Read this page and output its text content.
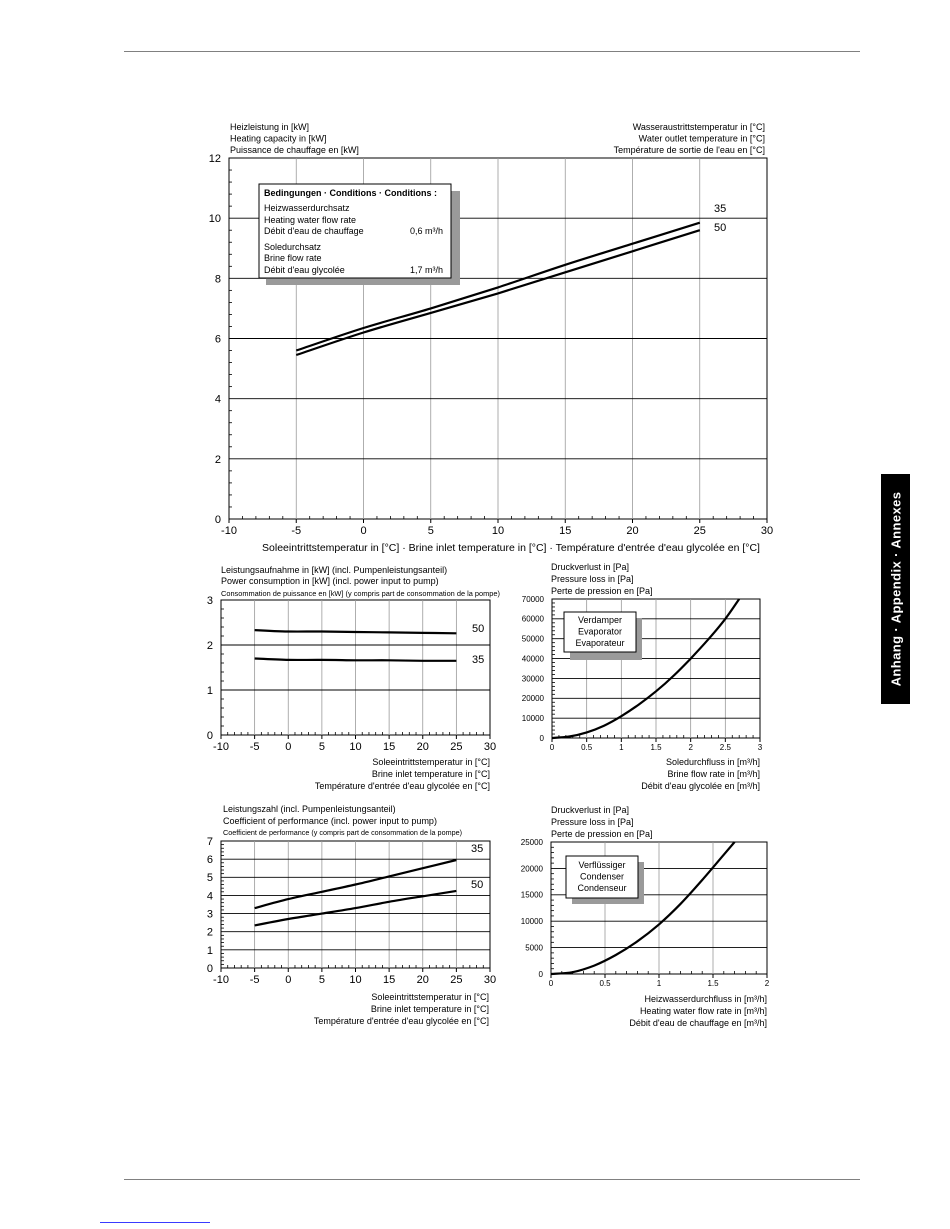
Anhang · Appendix · Annexes
-10	-5	0	5	10	15	20	25	30
0
2
4
6
8
10
12
Heizleistung in [kW]
Heating capacity in [kW]
Puissance de chauffage en [kW]
Wasseraustrittstemperatur in [°C]
Water outlet temperature in [°C]
Température de sortie de l'eau en [°C]
Soleeintrittstemperatur in [°C] · Brine inlet temperature in [°C] · Température d'entrée d'eau glycolée en [°C]
35
50
Bedingungen · Conditions · Conditions :
Heizwasserdurchsatz
Heating water flow rate
Débit d'eau de chauffage
Soledurchsatz
Brine flow rate
Débit d'eau glycolée
0,6 m³/h
1,7 m³/h
-10 -5 0	5 10 15 20 25 30
0
1
2
3
Leistungsaufnahme in [kW] (incl. Pumpenleistungsanteil)
Power consumption in [kW] (incl. power input to pump)
Consommation de puissance en [kW] (y compris part de consommation de la pompe)
Soleeintrittstemperatur in [°C]
Brine inlet temperature in [°C]
Température d'entrée d'eau glycolée en [°C]
50
35
0	0.5	1	1.5	2	2.5	3
0
10000
20000
30000
40000
50000
60000
70000
Druckverlust in [Pa]
Pressure loss in [Pa]
Perte de pression en [Pa]
Soledurchfluss in [m³/h]
Brine flow rate in [m³/h]
Débit d'eau glycolée en [m³/h]
Verdamper
Evaporator
Evaporateur
-10 -5 0	5 10 15 20 25 30
0
1
2
3
4
5
6
7
Leistungszahl (incl. Pumpenleistungsanteil)
Coefficient of performance (incl. power input to pump)
Coefficient de performance (y compris part de consommation de la pompe)
Soleeintrittstemperatur in [°C]
Brine inlet temperature in [°C]
Température d'entrée d'eau glycolée en [°C]
35
50
0	0.5	1	1.5	2
0
5000
10000
15000
20000
25000
Druckverlust in [Pa]
Pressure loss in [Pa]
Perte de pression en [Pa]
Heizwasserdurchfluss in [m³/h]
Heating water flow rate in [m³/h]
Débit d'eau de chauffage en [m³/h]
Verflüssiger
Condenser
Condenseur
